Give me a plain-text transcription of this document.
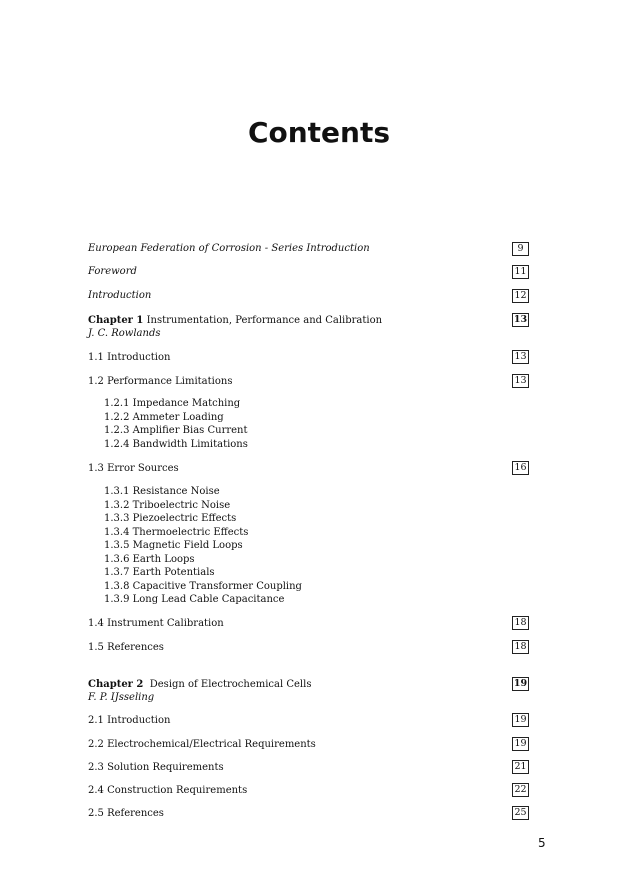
Contents
European Federation of Corrosion - Series Introduction	9
Foreword	11
Introduction	12
Chapter 1 Instrumentation, Performance and Calibration	13
J. C. Rowlands
1.1 Introduction	13
1.2 Performance Limitations	13
1.2.1 Impedance Matching
1.2.2 Ammeter Loading
1.2.3 Amplifier Bias Current
1.2.4 Bandwidth Limitations
1.3 Error Sources	16
1.3.1 Resistance Noise
1.3.2 Triboelectric Noise
1.3.3 Piezoelectric Effects
1.3.4 Thermoelectric Effects
1.3.5 Magnetic Field Loops
1.3.6 Earth Loops
1.3.7 Earth Potentials
1.3.8 Capacitive Transformer Coupling
1.3.9 Long Lead Cable Capacitance
1.4 Instrument Calibration	18
1.5 References	18
Chapter 2 Design of Electrochemical Cells	19
F. P. IJsseling
2.1 Introduction	19
2.2 Electrochemical/Electrical Requirements	19
2.3 Solution Requirements	21
2.4 Construction Requirements	22
2.5 References	25
5
